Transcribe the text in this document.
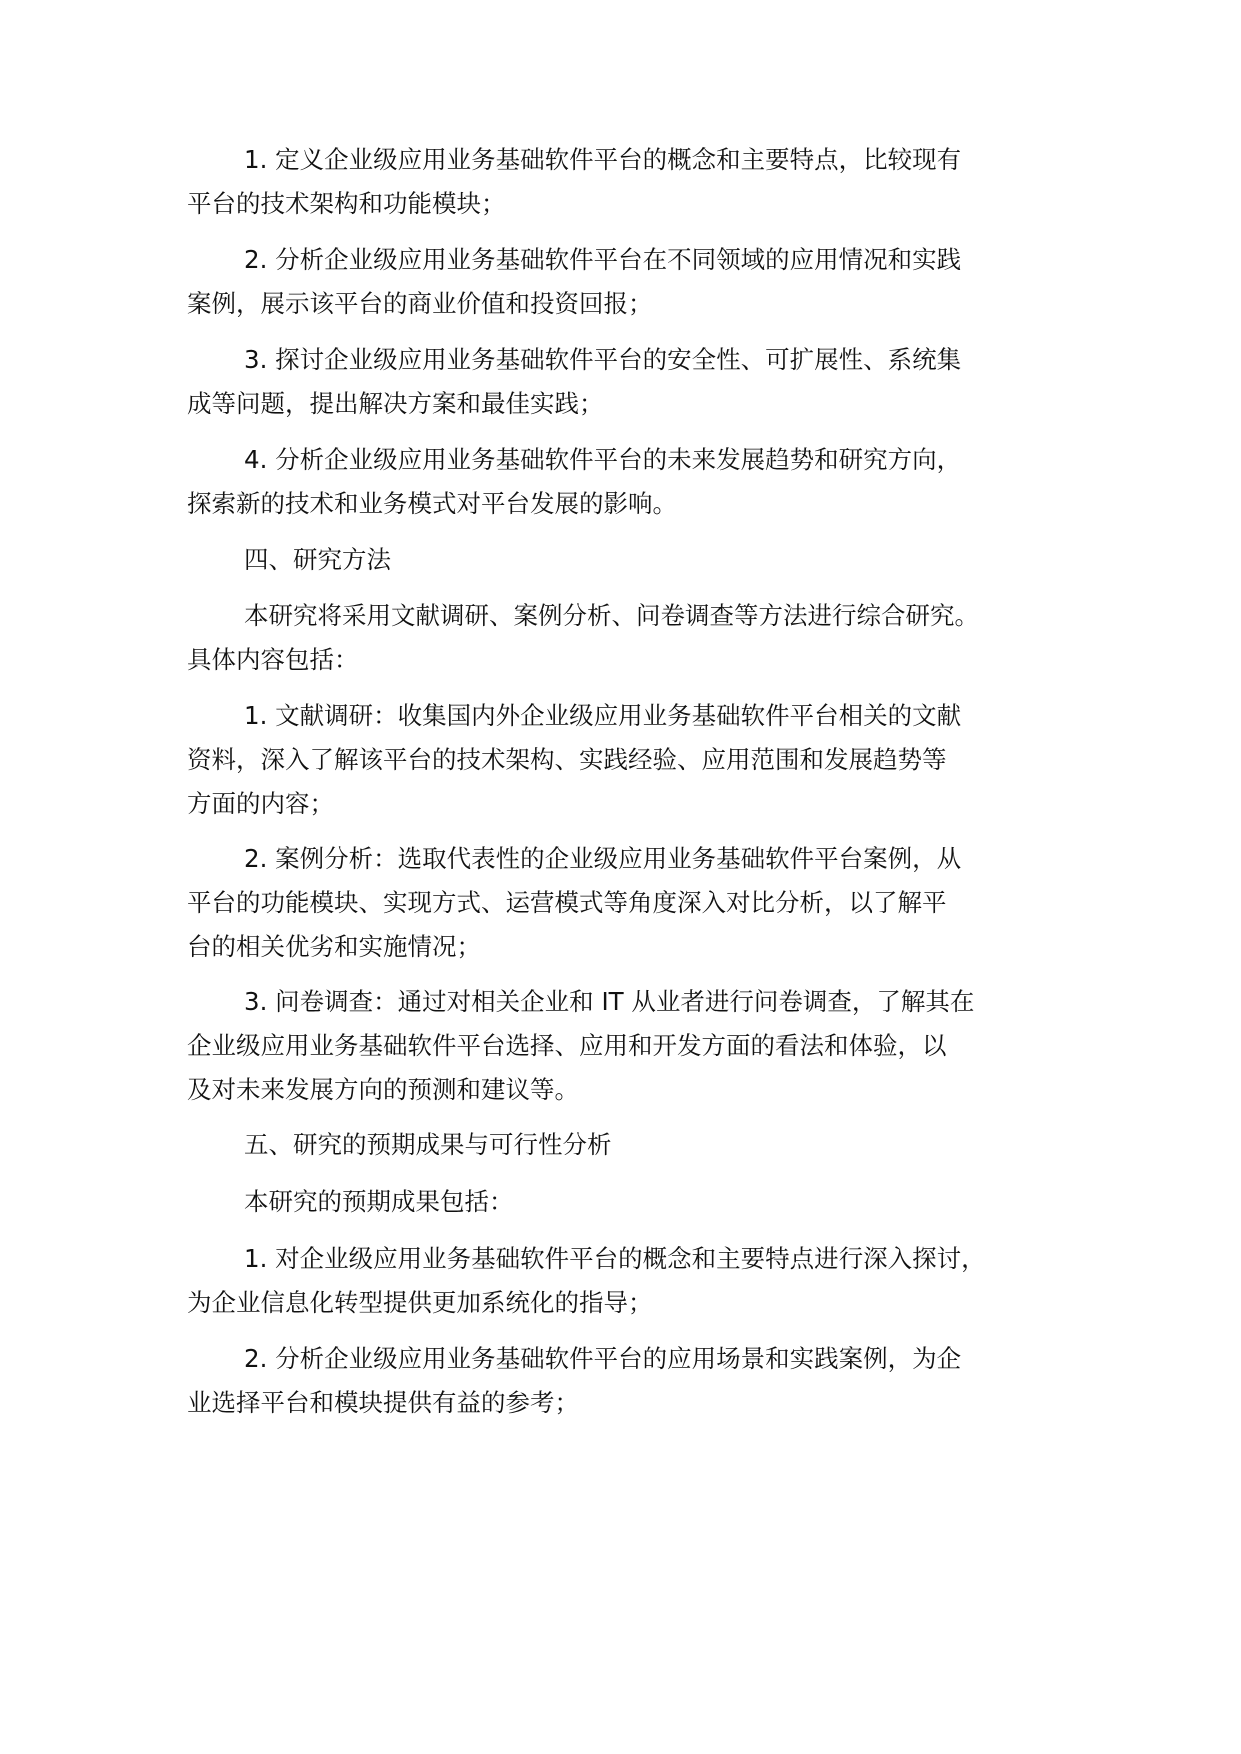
1. 定义企业级应用业务基础软件平台的概念和主要特点，比较现有
平台的技术架构和功能模块；
2. 分析企业级应用业务基础软件平台在不同领域的应用情况和实践
案例，展示该平台的商业价值和投资回报；
3. 探讨企业级应用业务基础软件平台的安全性、可扩展性、系统集
成等问题，提出解决方案和最佳实践；
4. 分析企业级应用业务基础软件平台的未来发展趋势和研究方向，
探索新的技术和业务模式对平台发展的影响。
四、研究方法
本研究将采用文献调研、案例分析、问卷调查等方法进行综合研究。
具体内容包括：
1. 文献调研：收集国内外企业级应用业务基础软件平台相关的文献
资料，深入了解该平台的技术架构、实践经验、应用范围和发展趋势等
方面的内容；
2. 案例分析：选取代表性的企业级应用业务基础软件平台案例，从
平台的功能模块、实现方式、运营模式等角度深入对比分析，以了解平
台的相关优劣和实施情况；
3. 问卷调查：通过对相关企业和 IT 从业者进行问卷调查，了解其在
企业级应用业务基础软件平台选择、应用和开发方面的看法和体验，以
及对未来发展方向的预测和建议等。
五、研究的预期成果与可行性分析
本研究的预期成果包括：
1. 对企业级应用业务基础软件平台的概念和主要特点进行深入探讨，
为企业信息化转型提供更加系统化的指导；
2. 分析企业级应用业务基础软件平台的应用场景和实践案例，为企
业选择平台和模块提供有益的参考；
